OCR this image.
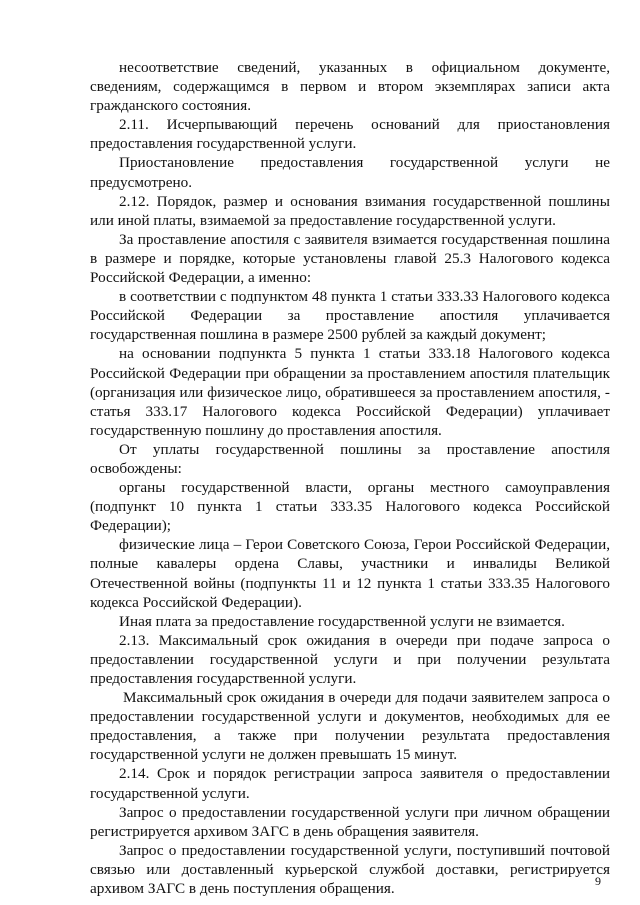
несоответствие сведений, указанных в официальном документе, сведениям, содержащимся в первом и втором экземплярах записи акта гражданского состояния.

2.11. Исчерпывающий перечень оснований для приостановления предоставления государственной услуги.

Приостановление предоставления государственной услуги не предусмотрено.

2.12. Порядок, размер и основания взимания государственной пошлины или иной платы, взимаемой за предоставление государственной услуги.

За проставление апостиля с заявителя взимается государственная пошлина в размере и порядке, которые установлены главой 25.3 Налогового кодекса Российской Федерации, а именно:

в соответствии с подпунктом 48 пункта 1 статьи 333.33 Налогового кодекса Российской Федерации за проставление апостиля уплачивается государственная пошлина в размере 2500 рублей за каждый документ;

на основании подпункта 5 пункта 1 статьи 333.18 Налогового кодекса Российской Федерации при обращении за проставлением апостиля плательщик (организация или физическое лицо, обратившееся за проставлением апостиля, - статья 333.17 Налогового кодекса Российской Федерации) уплачивает государственную пошлину до проставления апостиля.

От уплаты государственной пошлины за проставление апостиля освобождены:

органы государственной власти, органы местного самоуправления (подпункт 10 пункта 1 статьи 333.35 Налогового кодекса Российской Федерации);

физические лица – Герои Советского Союза, Герои Российской Федерации, полные кавалеры ордена Славы, участники и инвалиды Великой Отечественной войны (подпункты 11 и 12 пункта 1 статьи 333.35 Налогового кодекса Российской Федерации).

Иная плата за предоставление государственной услуги не взимается.

2.13. Максимальный срок ожидания в очереди при подаче запроса о предоставлении государственной услуги и при получении результата предоставления государственной услуги.

Максимальный срок ожидания в очереди для подачи заявителем запроса о предоставлении государственной услуги и документов, необходимых для ее предоставления, а также при получении результата предоставления государственной услуги не должен превышать 15 минут.

2.14. Срок и порядок регистрации запроса заявителя о предоставлении государственной услуги.

Запрос о предоставлении государственной услуги при личном обращении регистрируется архивом ЗАГС в день обращения заявителя.

Запрос о предоставлении государственной услуги, поступивший почтовой связью или доставленный курьерской службой доставки, регистрируется архивом ЗАГС в день поступления обращения.	9
